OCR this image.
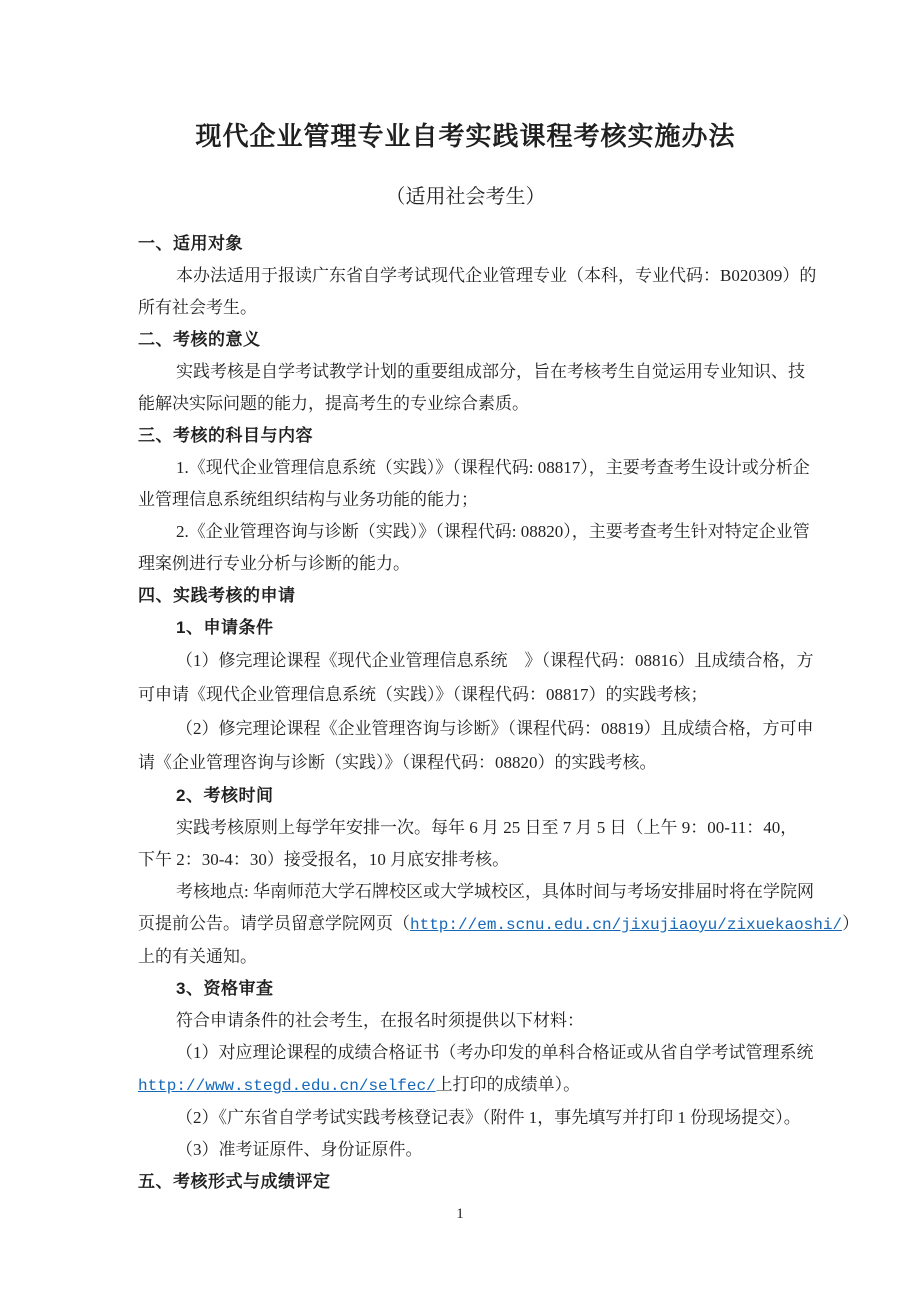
现代企业管理专业自考实践课程考核实施办法
（适用社会考生）
一、适用对象
本办法适用于报读广东省自学考试现代企业管理专业（本科，专业代码：B020309）的
所有社会考生。
二、考核的意义
实践考核是自学考试教学计划的重要组成部分，旨在考核考生自觉运用专业知识、技
能解决实际问题的能力，提高考生的专业综合素质。
三、考核的科目与内容
1.《现代企业管理信息系统（实践）》（课程代码: 08817），主要考查考生设计或分析企
业管理信息系统组织结构与业务功能的能力；
2.《企业管理咨询与诊断（实践）》（课程代码: 08820），主要考查考生针对特定企业管
理案例进行专业分析与诊断的能力。
四、实践考核的申请
1、申请条件
（1）修完理论课程《现代企业管理信息系统　》（课程代码：08816）且成绩合格，方
可申请《现代企业管理信息系统（实践）》（课程代码：08817）的实践考核；
（2）修完理论课程《企业管理咨询与诊断》（课程代码：08819）且成绩合格，方可申
请《企业管理咨询与诊断（实践）》（课程代码：08820）的实践考核。
2、考核时间
实践考核原则上每学年安排一次。每年 6 月 25 日至 7 月 5 日（上午 9：00-11：40，
下午 2：30-4：30）接受报名，10 月底安排考核。
考核地点: 华南师范大学石牌校区或大学城校区，具体时间与考场安排届时将在学院网
页提前公告。请学员留意学院网页（http://em.scnu.edu.cn/jixujiaoyu/zixuekaoshi/）
上的有关通知。
3、资格审查
符合申请条件的社会考生，在报名时须提供以下材料：
（1）对应理论课程的成绩合格证书（考办印发的单科合格证或从省自学考试管理系统
http://www.stegd.edu.cn/selfec/上打印的成绩单）。
（2）《广东省自学考试实践考核登记表》（附件 1，事先填写并打印 1 份现场提交）。
（3）准考证原件、身份证原件。
五、考核形式与成绩评定
1
